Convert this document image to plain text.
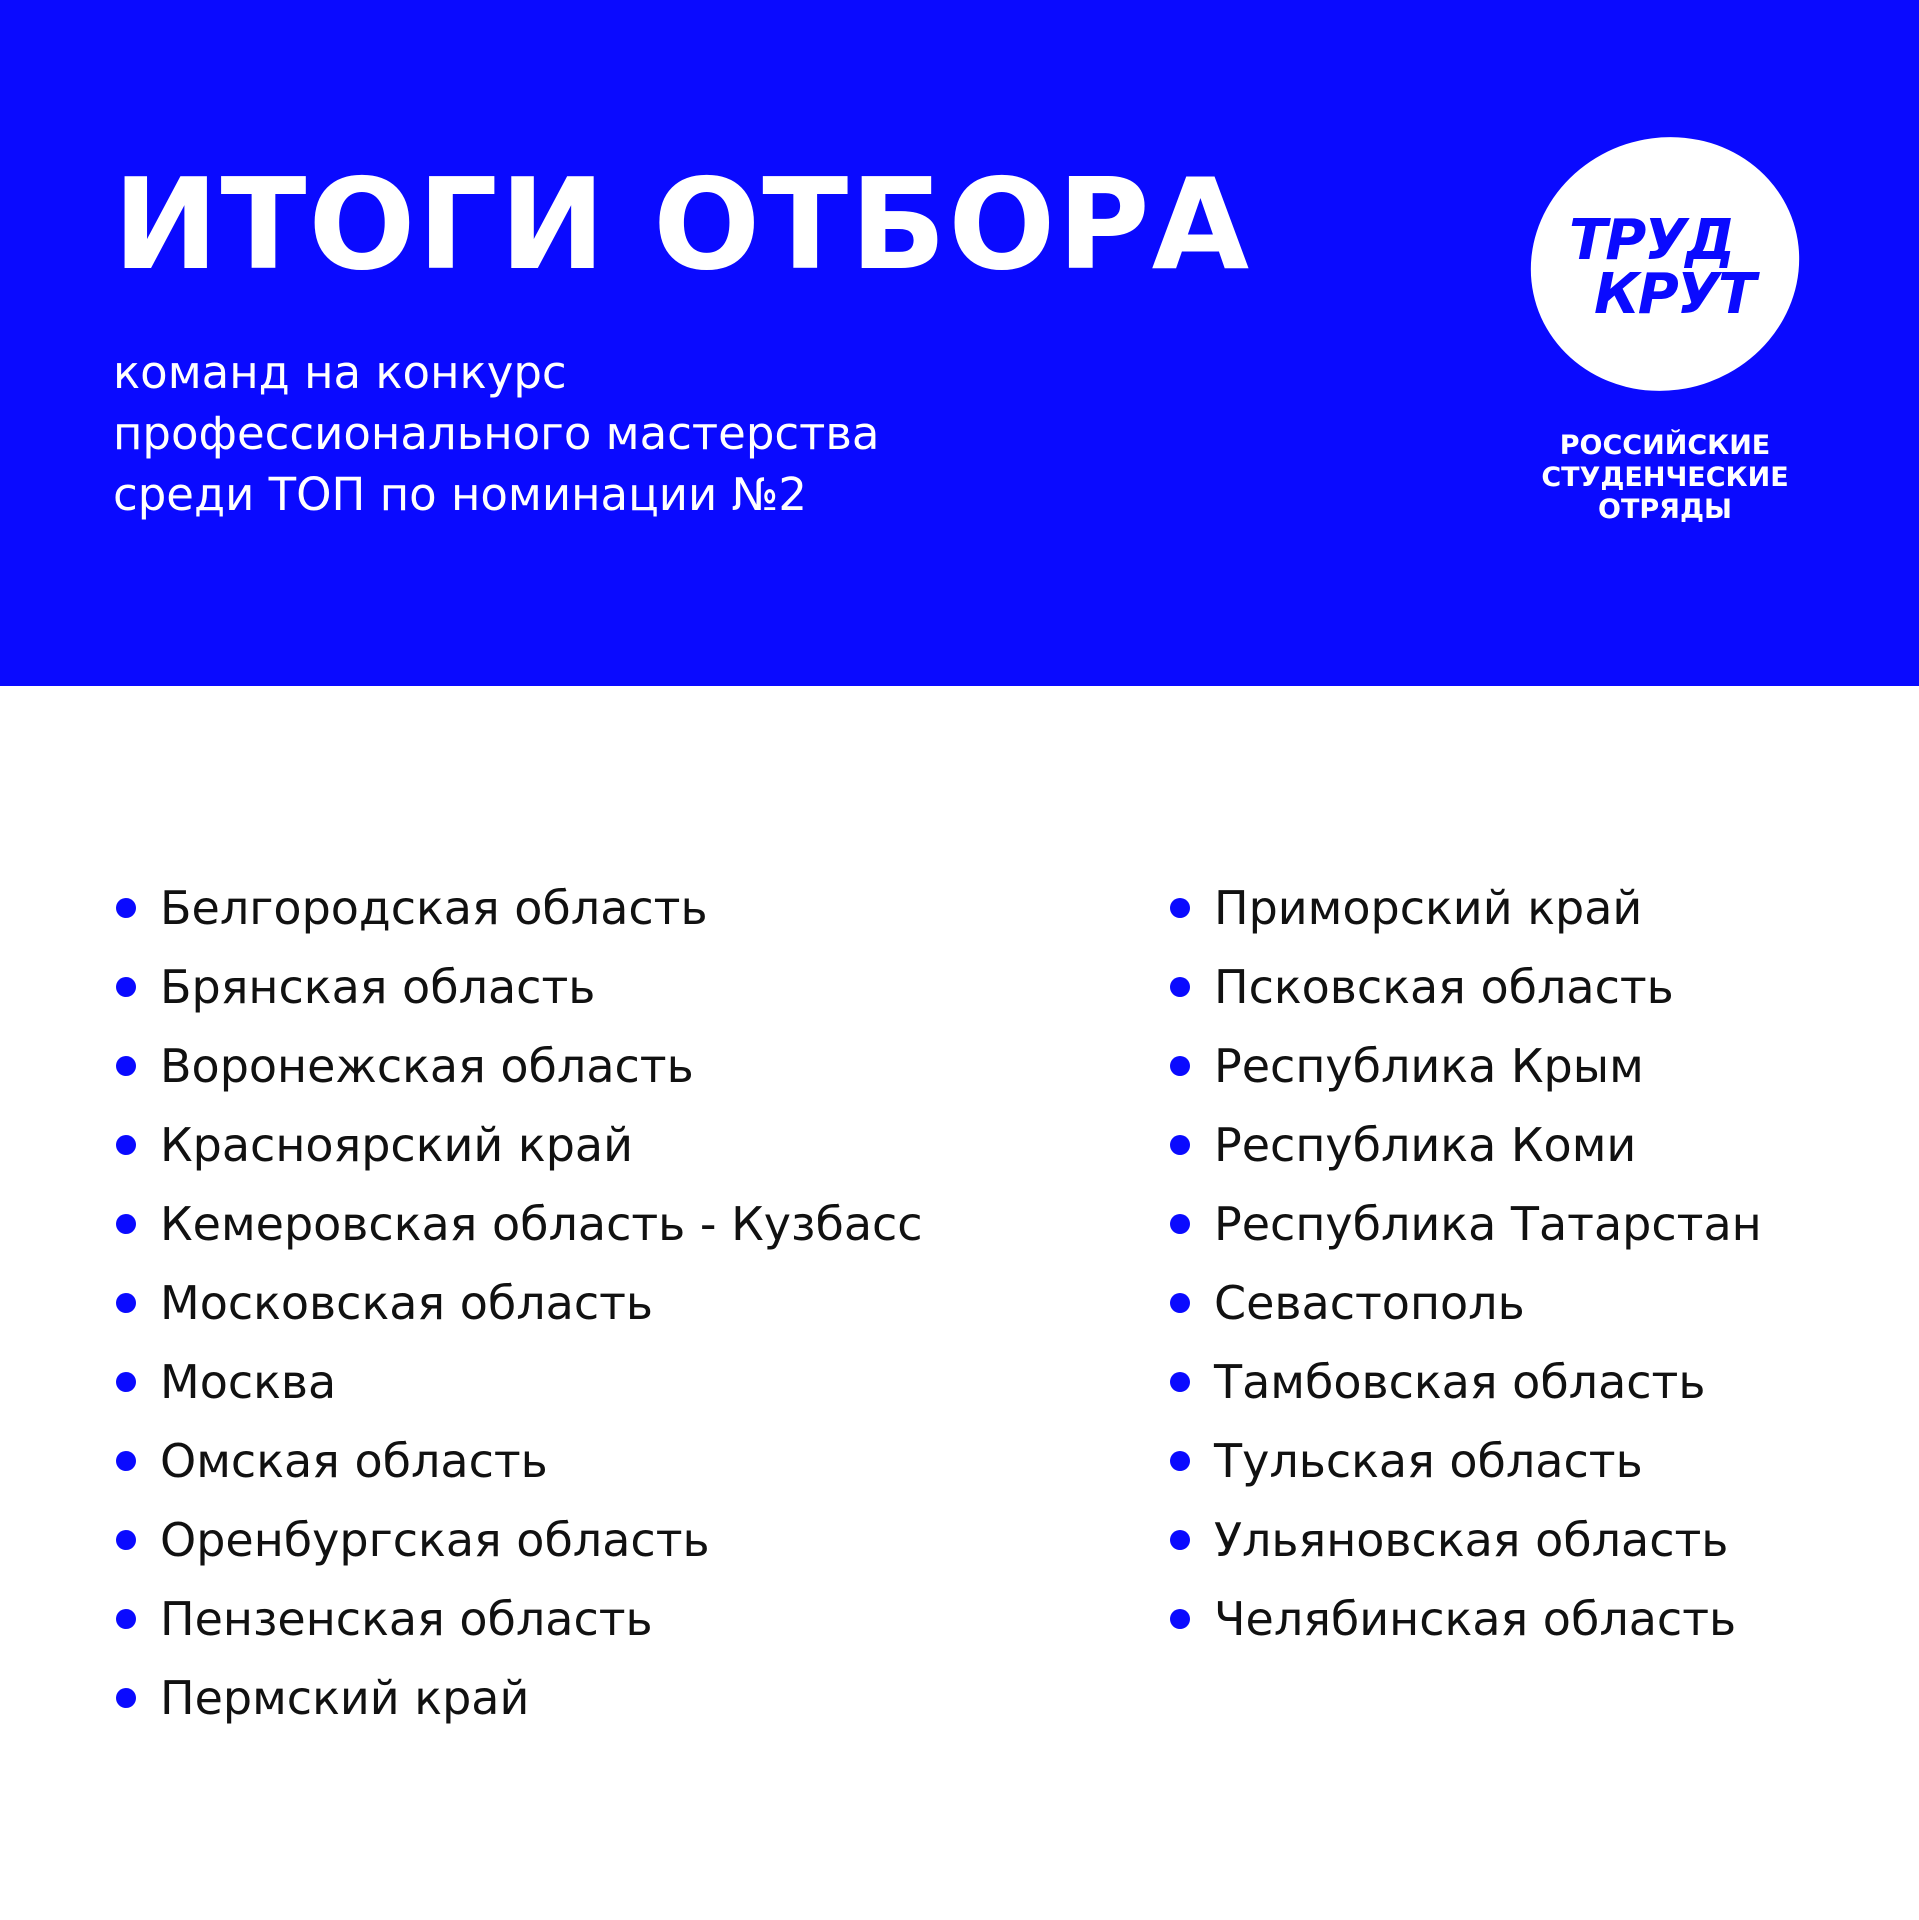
ИТОГИ ОТБОРА
команд на конкурс
профессионального мастерства
среди ТОП по номинации №2
ТРУД
КРУТ
РОССИЙСКИЕ
СТУДЕНЧЕСКИЕ
ОТРЯДЫ
Белгородская область
Брянская область
Воронежская область
Красноярский край
Кемеровская область - Кузбасс
Московская область
Москва
Омская область
Оренбургская область
Пензенская область
Пермский край
Приморский край
Псковская область
Республика Крым
Республика Коми
Республика Татарстан
Севастополь
Тамбовская область
Тульская область
Ульяновская область
Челябинская область
